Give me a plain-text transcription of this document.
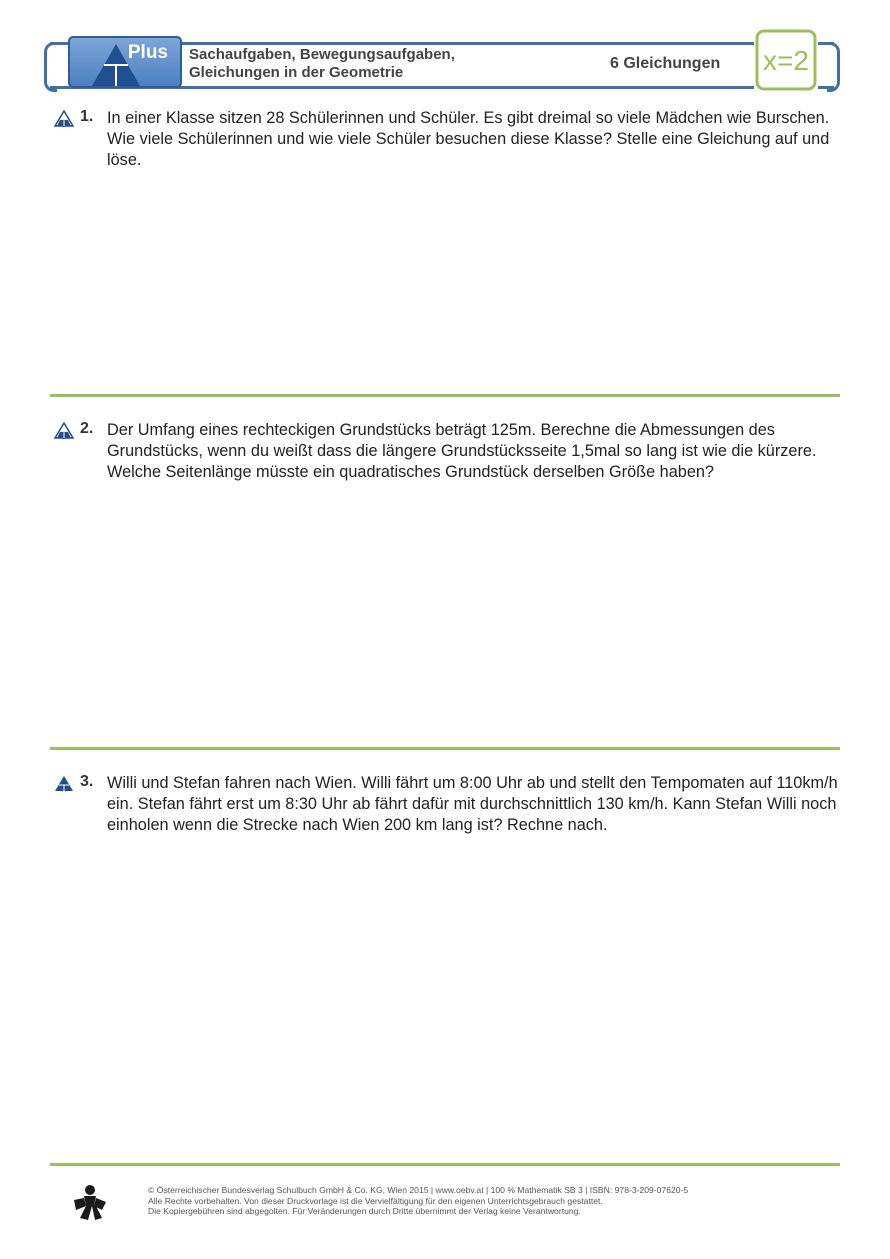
Plus Sachaufgaben, Bewegungsaufgaben,
Gleichungen in der Geometrie
6 Gleichungen x=2
1. In einer Klasse sitzen 28 Schülerinnen und Schüler. Es gibt dreimal so viele Mädchen wie Burschen. Wie viele Schülerinnen und wie viele Schüler besuchen diese Klasse? Stelle eine Gleichung auf und löse.
2. Der Umfang eines rechteckigen Grundstücks beträgt 125m. Berechne die Abmessungen des Grundstücks, wenn du weißt dass die längere Grundstücksseite 1,5mal so lang ist wie die kürzere. Welche Seitenlänge müsste ein quadratisches Grundstück derselben Größe haben?
3. Willi und Stefan fahren nach Wien. Willi fährt um 8:00 Uhr ab und stellt den Tempomaten auf 110km/h ein. Stefan fährt erst um 8:30 Uhr ab fährt dafür mit durchschnittlich 130 km/h. Kann Stefan Willi noch einholen wenn die Strecke nach Wien 200 km lang ist? Rechne nach.
© Österreichischer Bundesverlag Schulbuch GmbH & Co. KG, Wien 2015 | www.oebv.at | 100 % Mathematik SB 3 | ISBN: 978-3-209-07620-5
Alle Rechte vorbehalten. Von dieser Druckvorlage ist die Vervielfältigung für den eigenen Unterrichtsgebrauch gestattet.
Die Kopiergebühren sind abgegolten. Für Veränderungen durch Dritte übernimmt der Verlag keine Verantwortung.
